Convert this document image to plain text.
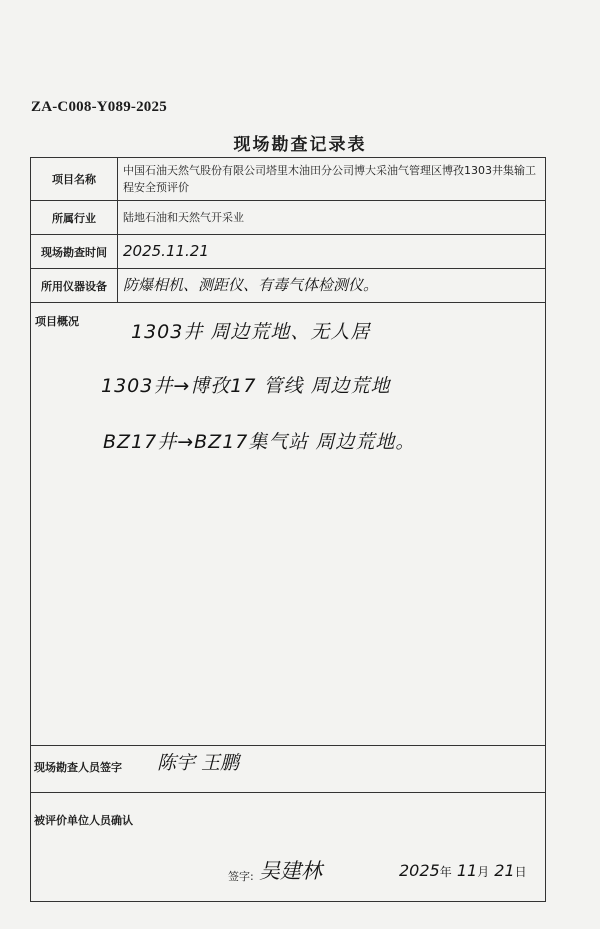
ZA-C008-Y089-2025
现场勘查记录表
项目名称	中国石油天然气股份有限公司塔里木油田分公司博大采油气管理区博孜1303井集输工程安全预评价
所属行业	陆地石油和天然气开采业
现场勘查时间	2025.11.21
所用仪器设备	防爆相机、测距仪、有毒气体检测仪。

项目概况 1303井 周边荒地、无人居
1303井→博孜17 管线 周边荒地
BZ17井→BZ17集气站 周边荒地。	

现场勘查人员签字 陈宇 王鹏	

被评价单位人员确认
签字: 吴建林 2025年 11月 21日	
